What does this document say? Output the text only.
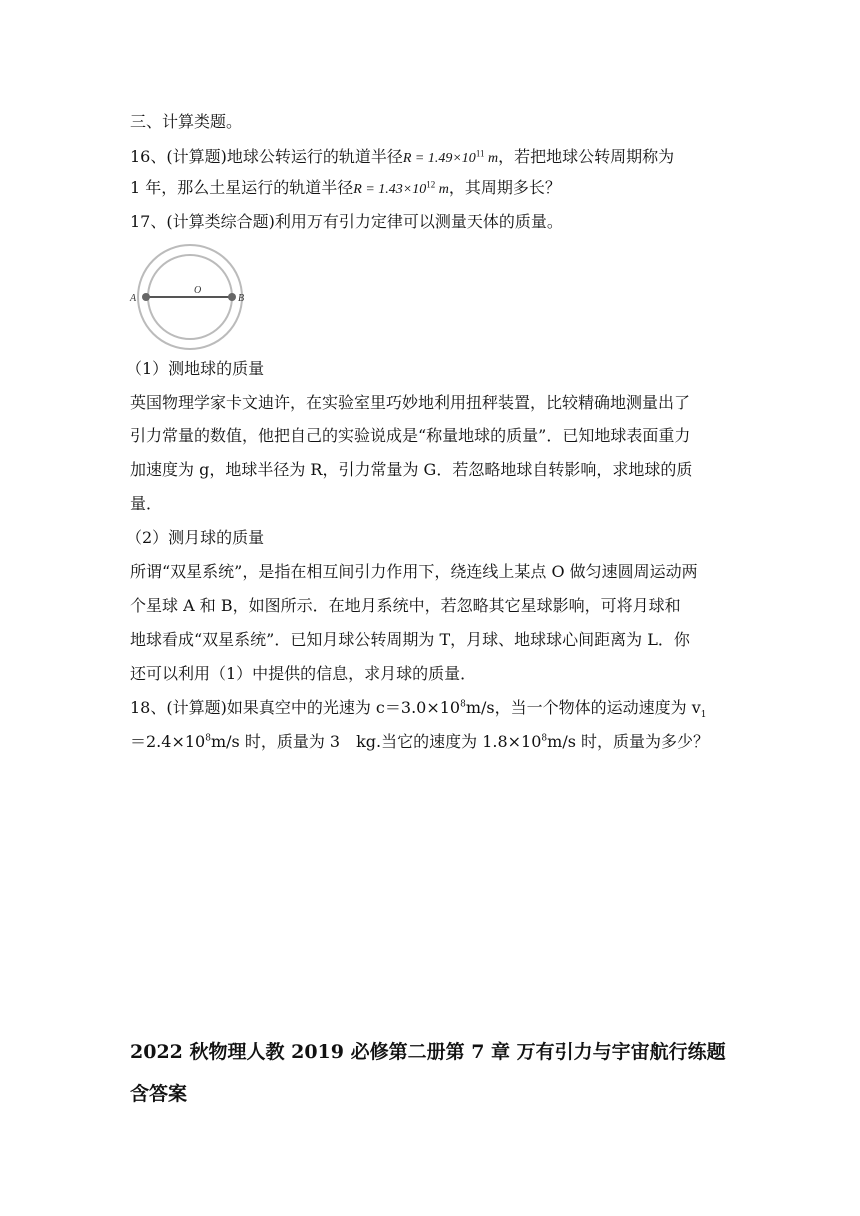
三、计算类题。
16、(计算题)地球公转运行的轨道半径$R = 1.49\times 10^{11}$ m，若把地球公转周期称为
1 年，那么土星运行的轨道半径$R = 1.43\times 10^{12}$ m，其周期多长？
17、(计算类综合题)利用万有引力定律可以测量天体的质量。
A	B
O
（1）测地球的质量
英国物理学家卡文迪许，在实验室里巧妙地利用扭秤装置，比较精确地测量出了
引力常量的数值，他把自己的实验说成是“称量地球的质量”．已知地球表面重力
加速度为 g，地球半径为 R，引力常量为 G．若忽略地球自转影响，求地球的质
量．
（2）测月球的质量
所谓“双星系统”，是指在相互间引力作用下，绕连线上某点 O 做匀速圆周运动两
个星球 A 和 B，如图所示．在地月系统中，若忽略其它星球影响，可将月球和
地球看成“双星系统”．已知月球公转周期为 T，月球、地球球心间距离为 L．你
还可以利用（1）中提供的信息，求月球的质量．
18、(计算题)如果真空中的光速为 $c=3.0\times 10^8m/s$，当一个物体的运动速度为 $v_1$
$=2.4\times 10^8m/s$ 时，质量为 3　kg.当它的速度为 $1.8\times 10^8m/s$ 时，质量为多少？
2022 秋物理人教 2019 必修第二册第 7 章 万有引力与宇宙航行练题
含答案
